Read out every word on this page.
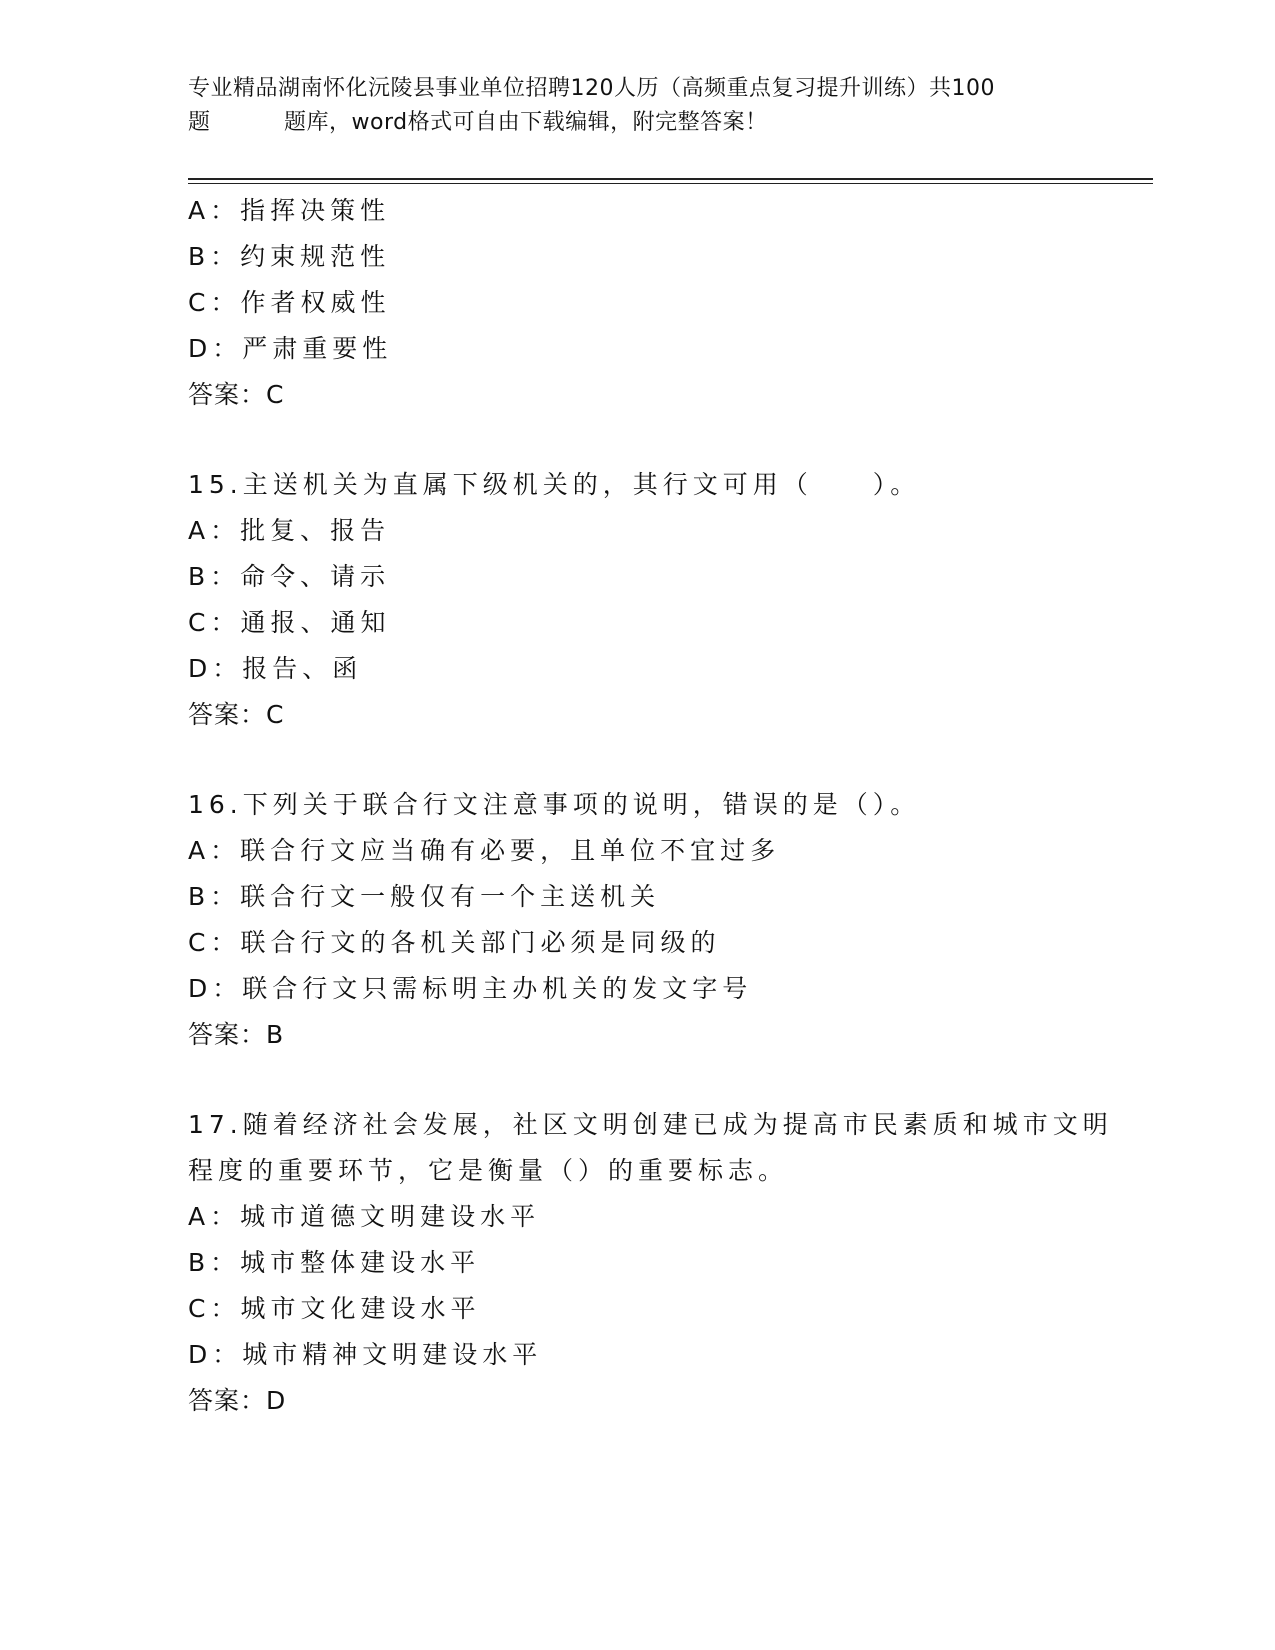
专业精品湖南怀化沅陵县事业单位招聘120人历（高频重点复习提升训练）共100
题	题库，word格式可自由下载编辑，附完整答案！
A：指挥决策性
B：约束规范性
C：作者权威性
D：严肃重要性
答案：C
15.主送机关为直属下级机关的，其行文可用（　　）。
A：批复、报告
B：命令、请示
C：通报、通知
D：报告、函
答案：C
16.下列关于联合行文注意事项的说明，错误的是（）。
A：联合行文应当确有必要，且单位不宜过多
B：联合行文一般仅有一个主送机关
C：联合行文的各机关部门必须是同级的
D：联合行文只需标明主办机关的发文字号
答案：B
17.随着经济社会发展，社区文明创建已成为提高市民素质和城市文明
程度的重要环节，它是衡量（）的重要标志。
A：城市道德文明建设水平
B：城市整体建设水平
C：城市文化建设水平
D：城市精神文明建设水平
答案：D
